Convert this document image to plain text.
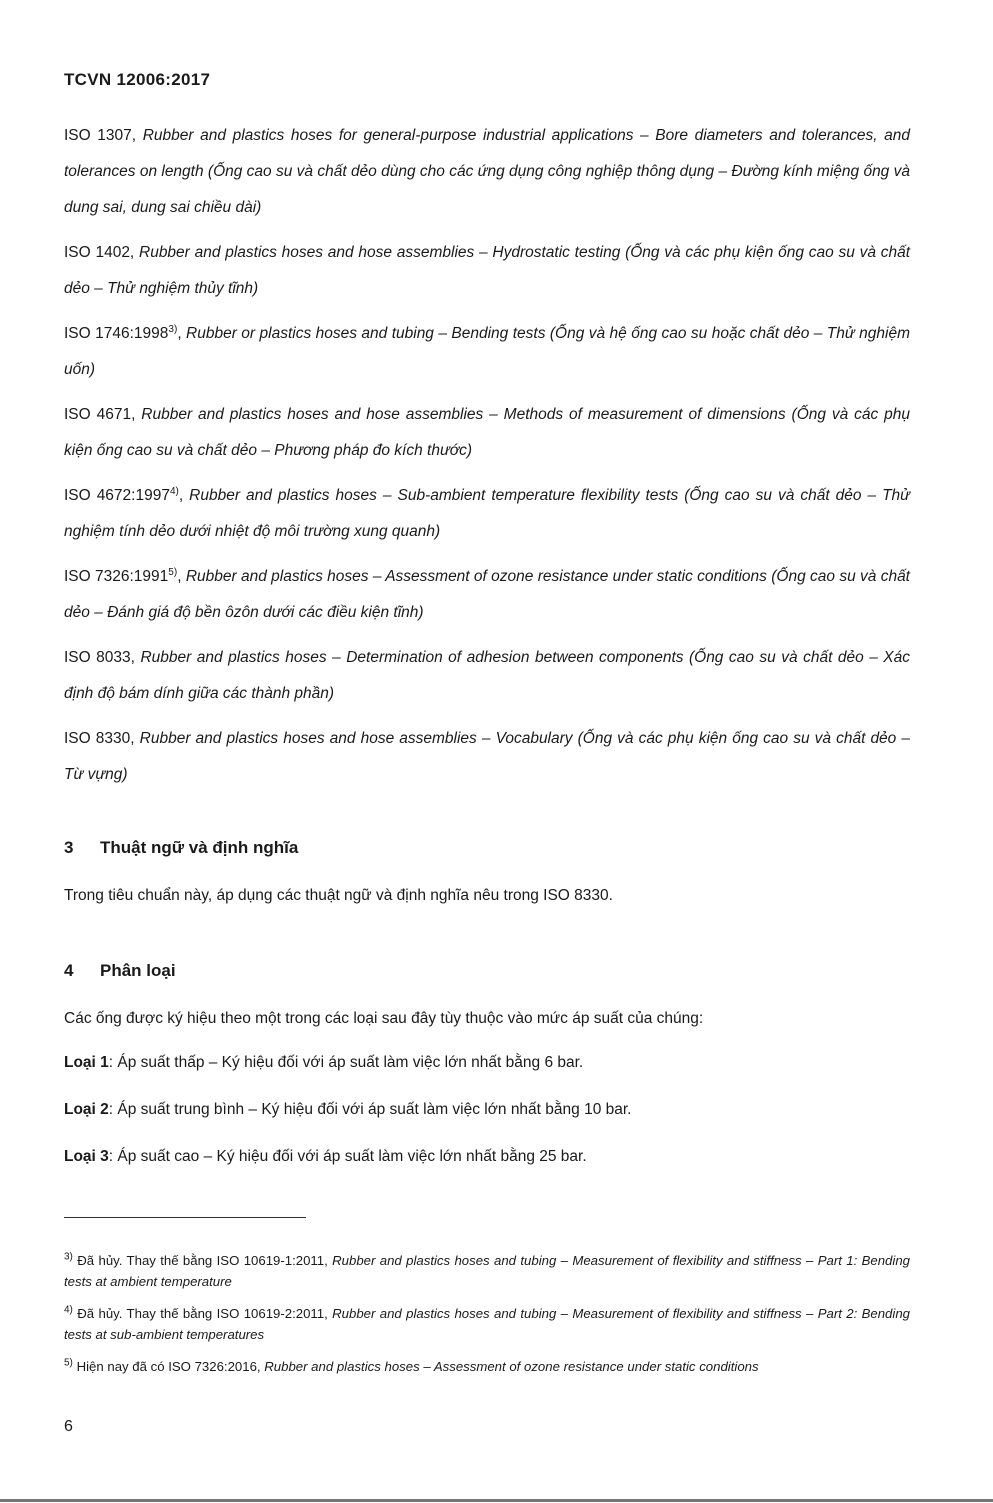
TCVN 12006:2017

ISO 1307, Rubber and plastics hoses for general-purpose industrial applications – Bore diameters and tolerances, and tolerances on length (Ống cao su và chất dẻo dùng cho các ứng dụng công nghiệp thông dụng – Đường kính miệng ống và dung sai, dung sai chiều dài)

ISO 1402, Rubber and plastics hoses and hose assemblies – Hydrostatic testing (Ống và các phụ kiện ống cao su và chất dẻo – Thử nghiệm thủy tĩnh)

ISO 1746:1998$^{3)}$, Rubber or plastics hoses and tubing – Bending tests (Ống và hệ ống cao su hoặc chất dẻo – Thử nghiệm uốn)

ISO 4671, Rubber and plastics hoses and hose assemblies – Methods of measurement of dimensions (Ống và các phụ kiện ống cao su và chất dẻo – Phương pháp đo kích thước)

ISO 4672:1997$^{4)}$, Rubber and plastics hoses – Sub-ambient temperature flexibility tests (Ống cao su và chất dẻo – Thử nghiệm tính dẻo dưới nhiệt độ môi trường xung quanh)

ISO 7326:1991$^{5)}$, Rubber and plastics hoses – Assessment of ozone resistance under static conditions (Ống cao su và chất dẻo – Đánh giá độ bền ôzôn dưới các điều kiện tĩnh)

ISO 8033, Rubber and plastics hoses – Determination of adhesion between components (Ống cao su và chất dẻo – Xác định độ bám dính giữa các thành phần)

ISO 8330, Rubber and plastics hoses and hose assemblies – Vocabulary (Ống và các phụ kiện ống cao su và chất dẻo – Từ vựng)

3 Thuật ngữ và định nghĩa
Trong tiêu chuẩn này, áp dụng các thuật ngữ và định nghĩa nêu trong ISO 8330.
4 Phân loại
Các ống được ký hiệu theo một trong các loại sau đây tùy thuộc vào mức áp suất của chúng:
Loại 1: Áp suất thấp – Ký hiệu đối với áp suất làm việc lớn nhất bằng 6 bar.
Loại 2: Áp suất trung bình – Ký hiệu đối với áp suất làm việc lớn nhất bằng 10 bar.
Loại 3: Áp suất cao – Ký hiệu đối với áp suất làm việc lớn nhất bằng 25 bar.

$^{3)}$ Đã hủy. Thay thế bằng ISO 10619-1:2011, Rubber and plastics hoses and tubing – Measurement of flexibility and stiffness – Part 1: Bending tests at ambient temperature

$^{4)}$ Đã hủy. Thay thế bằng ISO 10619-2:2011, Rubber and plastics hoses and tubing – Measurement of flexibility and stiffness – Part 2: Bending tests at sub-ambient temperatures

$^{5)}$ Hiện nay đã có ISO 7326:2016, Rubber and plastics hoses – Assessment of ozone resistance under static conditions

6
